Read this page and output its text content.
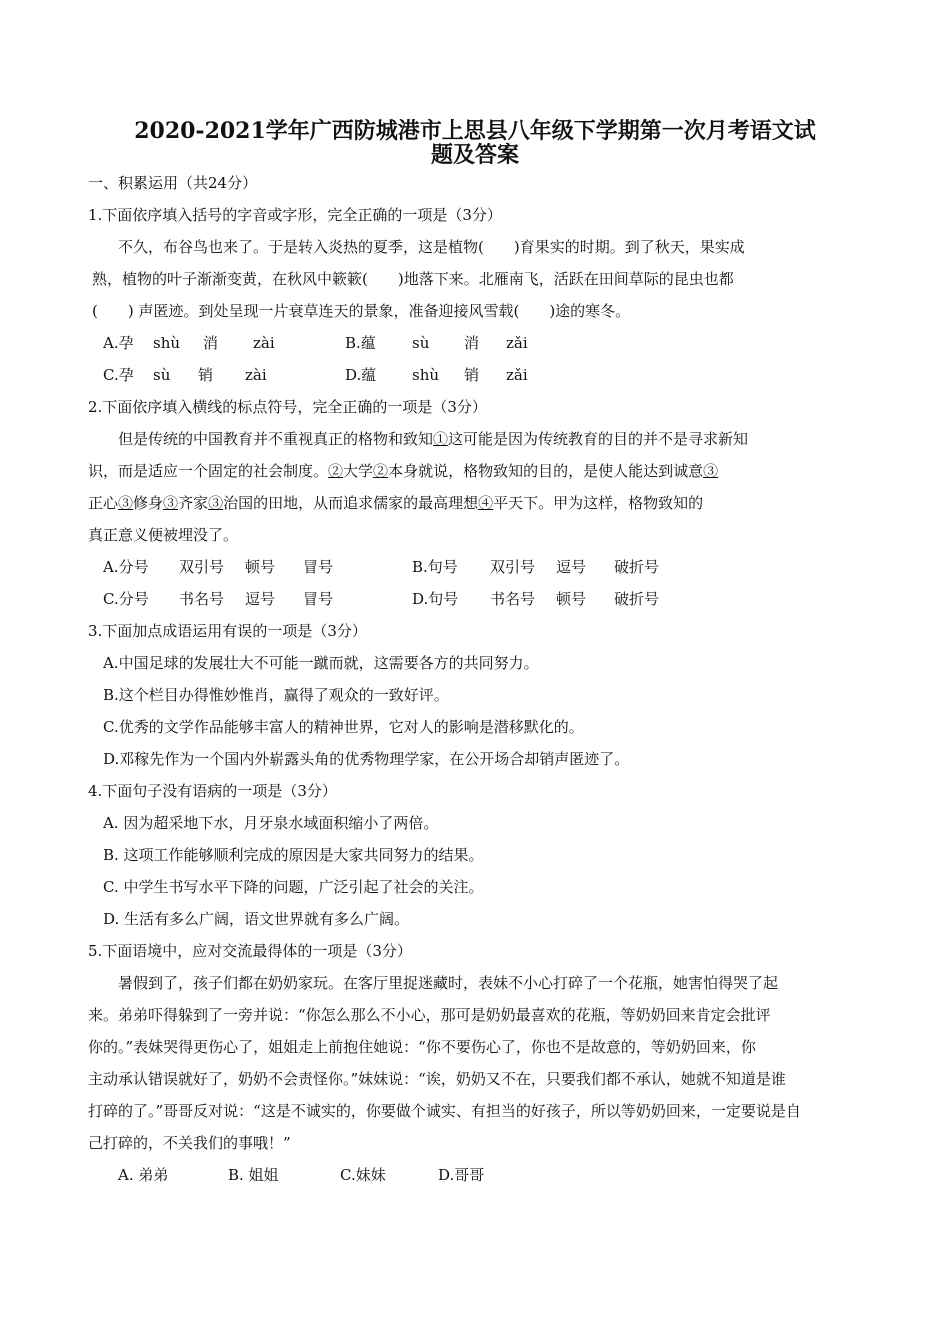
2020-2021学年广西防城港市上思县八年级下学期第一次月考语文试
题及答案
一、积累运用（共24分）
1.下面依序填入括号的字音或字形，完全正确的一项是（3分）
不久，布谷鸟也来了。于是转入炎热的夏季，这是植物(　　)育果实的时期。到了秋天，果实成
熟，植物的叶子渐渐变黄，在秋风中簌簌(　　)地落下来。北雁南飞，活跃在田间草际的昆虫也都
(　　) 声匿迹。到处呈现一片衰草连天的景象，准备迎接风雪载(　　)途的寒冬。
A.孕 shù 消 zài	B.蕴 sù 消 zǎi
C.孕 sù 销 zài	D.蕴 shù 销 zǎi
2.下面依序填入横线的标点符号，完全正确的一项是（3分）
但是传统的中国教育并不重视真正的格物和致知①这可能是因为传统教育的目的并不是寻求新知
识，而是适应一个固定的社会制度。②大学②本身就说，格物致知的目的，是使人能达到诚意③
正心③修身③齐家③治国的田地，从而追求儒家的最高理想④平天下。甲为这样，格物致知的
真正意义便被埋没了。
A.分号 双引号 顿号 冒号	B.句号 双引号 逗号 破折号
C.分号 书名号 逗号 冒号	D.句号 书名号 顿号 破折号
3.下面加点成语运用有误的一项是（3分）
A.中国足球的发展壮大不可能一蹴而就，这需要各方的共同努力。
B.这个栏目办得惟妙惟肖，赢得了观众的一致好评。
C.优秀的文学作品能够丰富人的精神世界，它对人的影响是潜移默化的。
D.邓稼先作为一个国内外崭露头角的优秀物理学家，在公开场合却销声匿迹了。
4.下面句子没有语病的一项是（3分）
A. 因为超采地下水，月牙泉水域面积缩小了两倍。
B. 这项工作能够顺利完成的原因是大家共同努力的结果。
C. 中学生书写水平下降的问题，广泛引起了社会的关注。
D. 生活有多么广阔，语文世界就有多么广阔。
5.下面语境中，应对交流最得体的一项是（3分）
暑假到了，孩子们都在奶奶家玩。在客厅里捉迷藏时，表妹不小心打碎了一个花瓶，她害怕得哭了起
来。弟弟吓得躲到了一旁并说：“你怎么那么不小心，那可是奶奶最喜欢的花瓶，等奶奶回来肯定会批评
你的。”表妹哭得更伤心了，姐姐走上前抱住她说：“你不要伤心了，你也不是故意的，等奶奶回来，你
主动承认错误就好了，奶奶不会责怪你。”妹妹说：“诶，奶奶又不在，只要我们都不承认，她就不知道是谁
打碎的了。”哥哥反对说：“这是不诚实的，你要做个诚实、有担当的好孩子，所以等奶奶回来，一定要说是自
己打碎的，不关我们的事哦！”
A. 弟弟	B. 姐姐	C.妹妹	D.哥哥
